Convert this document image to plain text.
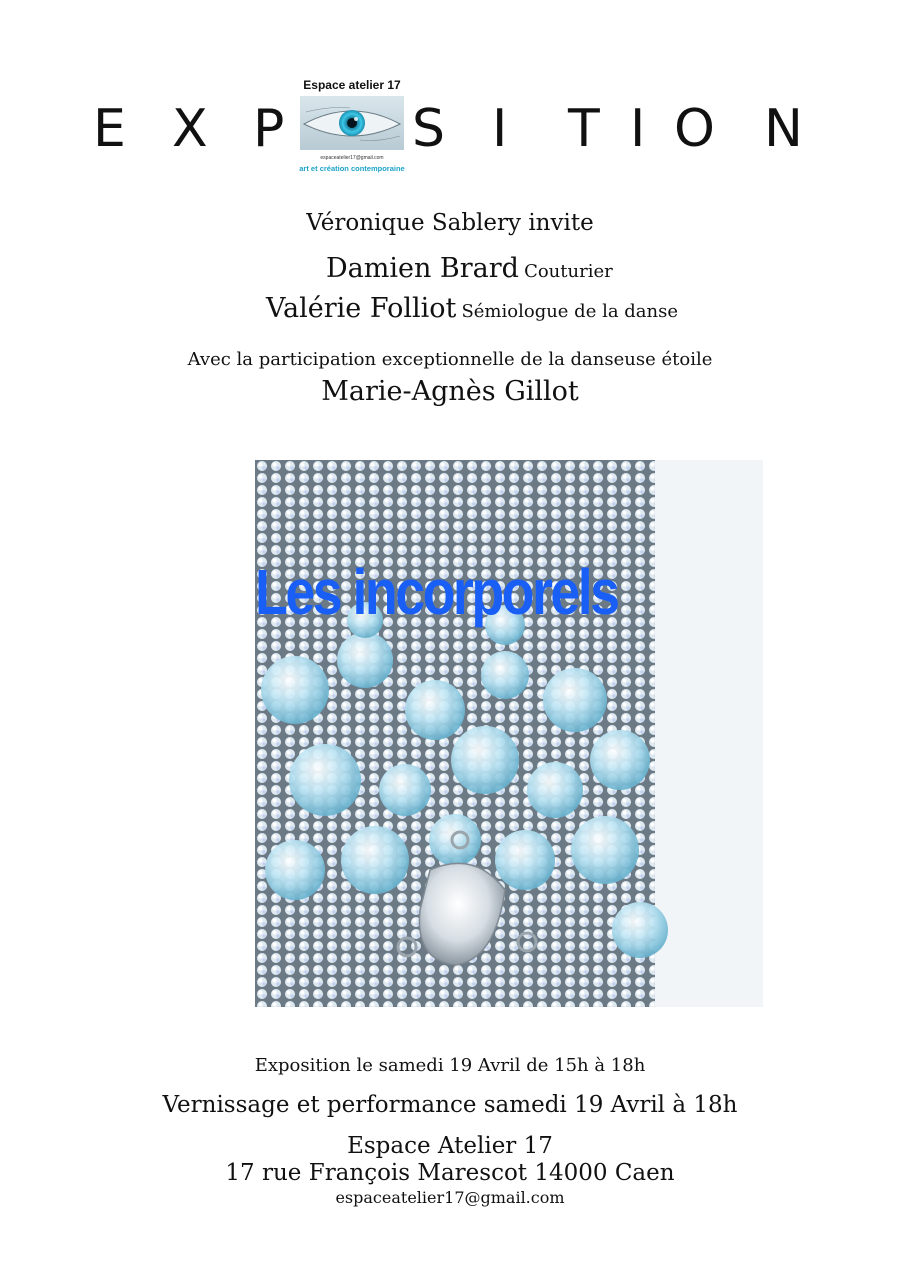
E X P S I T I O N
Espace atelier 17
espaceatelier17@gmail.com
art et création contemporaine
Véronique Sablery invite
Damien Brard Couturier
Valérie Folliot Sémiologue de la danse
Avec la participation exceptionnelle de la danseuse étoile
Marie-Agnès Gillot
Les incorporels
Exposition le samedi 19 Avril de 15h à 18h
Vernissage et performance samedi 19 Avril à 18h
Espace Atelier 17
17 rue François Marescot 14000 Caen
espaceatelier17@gmail.com
